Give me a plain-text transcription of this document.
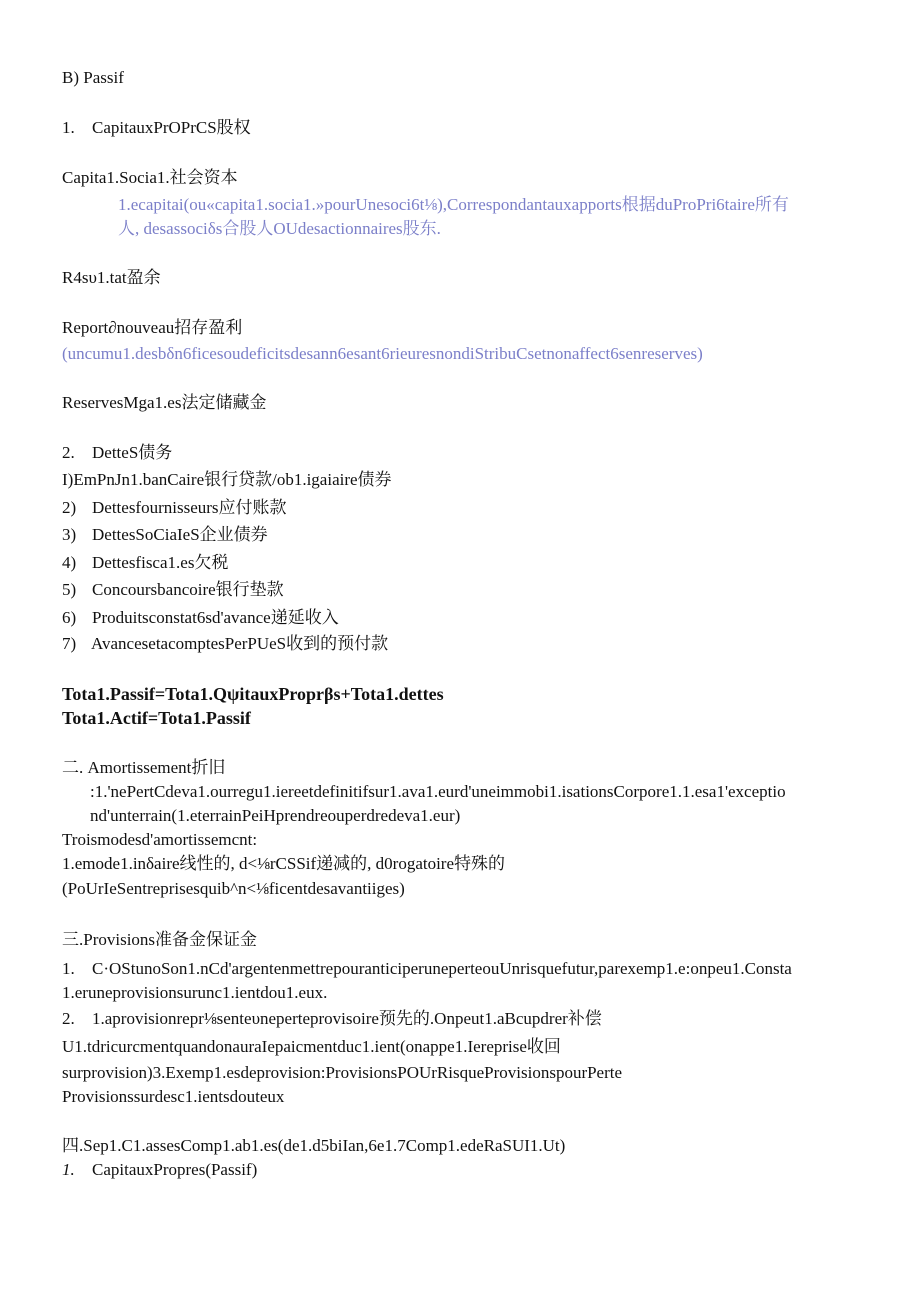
B) Passif
1. CapitauxPrOPrCS股权
Capita1.Socia1.社会资本
1.ecapitai(ou«capita1.socia1.»pourUnesoci6t⅛),Correspondantauxapports根据duProPri6taire所有
人, desassociδs合股人OUdesactionnaires股东.
R4sυ1.tat盈余
Report∂nouveau招存盈利
(uncumu1.desbδn6ficesoudeficitsdesann6esant6rieuresnondiStribuCsetnonaffect6senreserves)
ReservesMga1.es法定储藏金
2. DetteS债务
I)EmPnJn1.banCaire银行贷款/ob1.igaiaire债券
2) Dettesfournisseurs应付账款
3) DettesSoCiaIeS企业债券
4) Dettesfisca1.es欠税
5) Concoursbancoire银行垫款
6) Produitsconstat6sd'avance递延收入
7) AvancesetacomptesPerPUeS收到的预付款
Tota1.Passif=Tota1.QψitauxProprβs+Tota1.dettes
Tota1.Actif=Tota1.Passif
二. Amortissement折旧
:1.'nePertCdeva1.ourregu1.iereetdefinitifsur1.ava1.eurd'uneimmobi1.isationsCorpore1.1.esa1'exceptio
nd'unterrain(1.eterrainPeiHprendreouperdredeva1.eur)
Troismodesd'amortissemcnt:
1.emode1.inδaire线性的, d<⅛rCSSif递减的, d0rogatoire特殊的
(PoUrIeSentreprisesquib^n<⅛ficentdesavantiiges)
三.Provisions准备金保证金
1. C·OStunoSon1.nCd'argentenmettrepouranticiperuneperteouUnrisquefutur,parexemp1.e:onpeu1.Consta
1.eruneprovisionsurunc1.ientdou1.eux.
2. 1.aprovisionrepr⅛senteυneperteprovisoire预先的.Onpeut1.aBcupdrer补偿
U1.tdricurcmentquandonauraIepaicmentduc1.ient(onappe1.Iereprise收回
surprovision)3.Exemp1.esdeprovision:ProvisionsPOUrRisqueProvisionspourPerte
Provisionssurdesc1.ientsdouteux
四.Sep1.C1.assesComp1.ab1.es(de1.d5biIan,6e1.7Comp1.edeRaSUI1.Ut)
1. CapitauxPropres(Passif)
